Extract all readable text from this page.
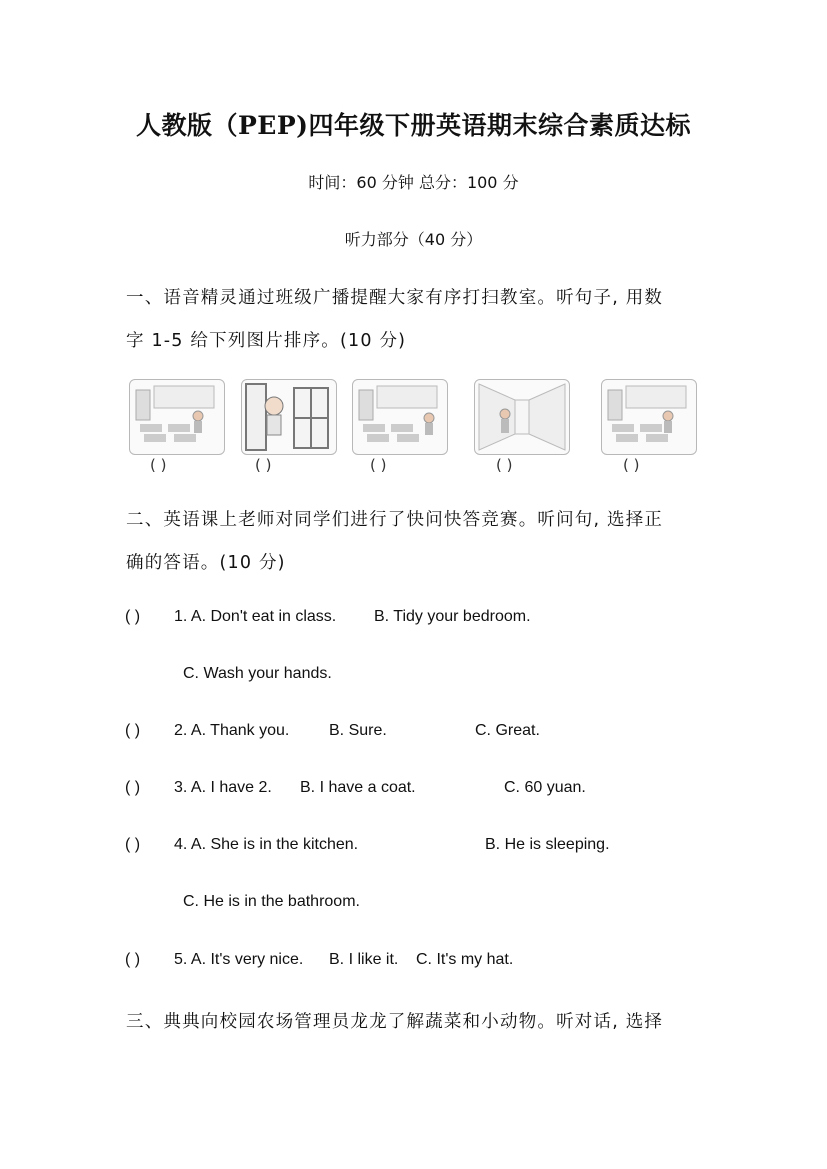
人教版（PEP)四年级下册英语期末综合素质达标
时间：60 分钟 总分：100 分
听力部分（40 分）
一、语音精灵通过班级广播提醒大家有序打扫教室。听句子, 用数
字 1-5 给下列图片排序。(10 分)
( )	( )	( )	( )	( )
二、英语课上老师对同学们进行了快问快答竞赛。听问句, 选择正
确的答语。(10 分)
( ) 1. A. Don't eat in class. B. Tidy your bedroom.
C. Wash your hands.
( ) 2. A. Thank you. B. Sure.	C. Great.
( ) 3. A. I have 2. B. I have a coat.	C. 60 yuan.
( ) 4. A. She is in the kitchen.	B. He is sleeping.
C. He is in the bathroom.
( ) 5. A. It's very nice. B. I like it. C. It's my hat.
三、典典向校园农场管理员龙龙了解蔬菜和小动物。听对话, 选择
